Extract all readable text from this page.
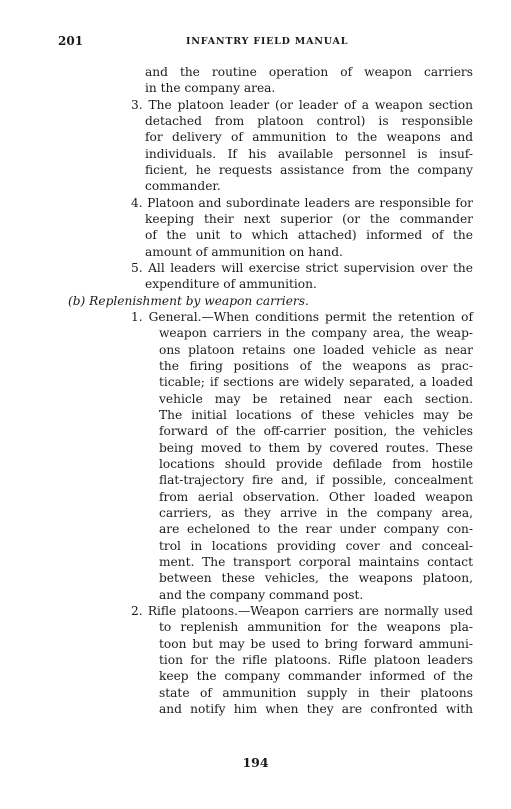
201	INFANTRY FIELD MANUAL
and the routine operation of weapon carriers
in the company area.
3. The platoon leader (or leader of a weapon section
detached from platoon control) is responsible
for delivery of ammunition to the weapons and
individuals. If his available personnel is insuf-
ficient, he requests assistance from the company
commander.
4. Platoon and subordinate leaders are responsible for
keeping their next superior (or the commander
of the unit to which attached) informed of the
amount of ammunition on hand.
5. All leaders will exercise strict supervision over the
expenditure of ammunition.
(b) Replenishment by weapon carriers.
1. General.—When conditions permit the retention of
weapon carriers in the company area, the weap-
ons platoon retains one loaded vehicle as near
the firing positions of the weapons as prac-
ticable; if sections are widely separated, a loaded
vehicle may be retained near each section.
The initial locations of these vehicles may be
forward of the off-carrier position, the vehicles
being moved to them by covered routes. These
locations should provide defilade from hostile
flat-trajectory fire and, if possible, concealment
from aerial observation. Other loaded weapon
carriers, as they arrive in the company area,
are echeloned to the rear under company con-
trol in locations providing cover and conceal-
ment. The transport corporal maintains contact
between these vehicles, the weapons platoon,
and the company command post.
2. Rifle platoons.—Weapon carriers are normally used
to replenish ammunition for the weapons pla-
toon but may be used to bring forward ammuni-
tion for the rifle platoons. Rifle platoon leaders
keep the company commander informed of the
state of ammunition supply in their platoons
and notify him when they are confronted with
194
